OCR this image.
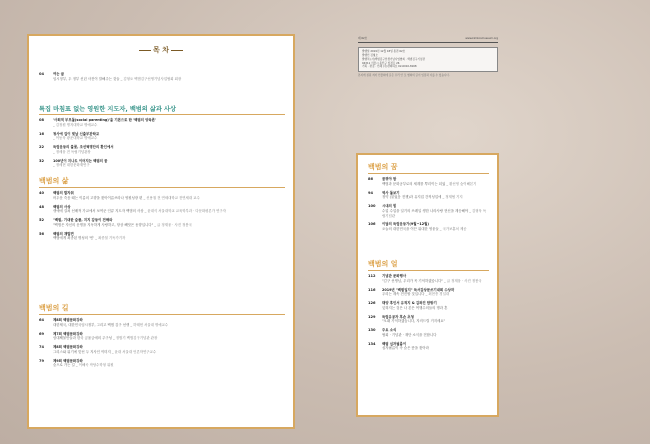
목 차
04	여는 글
임시정부, 두 정부 신년 사진이 말해주는 것들 _ 김형오 백범김구선생기념사업협회 회장
특집 마침표 없는 영원한 지도자, 백범의 삶과 사상
08	'사회적 부모돌(social parenting)'을 기본으로 한 '백범의 양육론'
_ 김정원 명지대학교 명예교수
16	청사에 길이 빛날 신출부관학교
_ 이동욱 광운대학교 명예교수
22	독립운동의 불꽃, 조선혁명단의 환인에서
_ 정세웅 전 독립기념관장
32	100년이 지나도 이어지는 백범의 꿈
_ 정세현 대한문화재연구
백범의 삶
40	백범의 발자취
어두운 죽음 때는 이름의 고향을 찾아이름쓰라나 영원성장 편 _ 신용철 전 연세대학교 전연세대 교수
48	백범의 사상
생애에 걸쳐 선배적 가교에서 보여준 인류 지도자 백범의 사상 _ 윤대식 서울대학교 교육학부과 · 다문화평론가 연구자
52	"백범, 기대한 슬픔, 지지 감동이 전해와
"백범은 자신의 운명을 지독하게 사랑하고, 항상 빼앗은 동향입니다" _ 글 정재웅 · 사진 정봉국
56	백범의 재발견
백범에게 최종된 명성의 '빈' _ 최종철 기독가기자
백범의 길
64	제8회 백범문화강좌
대한제국, 대한민국임시정부, 그리고 백범 김구 선생 _ 하태헌 서울대 명예교수
69	제7회 백범문화강좌
삼대째물만들과 한국 금융금에의 주구성 _ 정범기 백범김구기념관 관장
74	제8회 백범문화강좌
그리스와 위기에 맞선 두 지사인 이미지 _ 윤대 서울대 언론학연구교수
79	제9회 백범문화강좌
숨으로 가는 길 _ 이해곡 작당수학형 위원
제 62호	www.kimkoomuseum.org
발행일 2019년 12월 18일 통권 62호
발행인 김형오
발행처 (사)백범김구선생기념사업협회 · 백범김구기념관
04311 서울시 용산구 임정로 26
기획 · 편집 · 인쇄 (주)상화하요 02-6010-8168
본지에 실린 저자 인물회에 글은 우리 안 또 협회의 글이 입장과 다를 수 있습니다.
백범의 꿈
86	꿈꿔야 함
백범과 문화공부로의 세계를 뿌리이는 되었 _ 황선영 숲이해본기
94	역사 돌보기
정약 (불었음 전쟁)과 유지업 간직성업에 _ 정재협 기지
100	시대의 힘
수업 수업을 일기의 쓰레일 생한 나라사랑 현신을 계승해야 _ 김형욱 독립기념관
106	이달의 독립운동가(9월~12월)
오늘의 대한민국을 이끈 위대한 영웅들 _ 국가보훈처 제공
백범의 얼
112	기념관 문화행사
"김구 선생님, 우리가 꼭 기억하겠습니다" _ 글 정재웅 · 사진 정봉국
116	2019년 "백범일지" 독서감상문쓰기대회 수상작
우리는 계속 전진할 것입니다 _ 최현종 경일대
126	태양 후인서 유적지 & 김좌진 탐방기
잊혀지는 것은 나 본은 여행수의들의 명과 혼
129	독립유공자 후손 초청
"오래 기억하겠습니다, 지켜드릴 거지세요"
130	주요 소식
협회 · 기념관 · 재단 소식을 전합니다
134	백범 십자필름이
십자필름이 속 숨은 뜻을 찾아라
